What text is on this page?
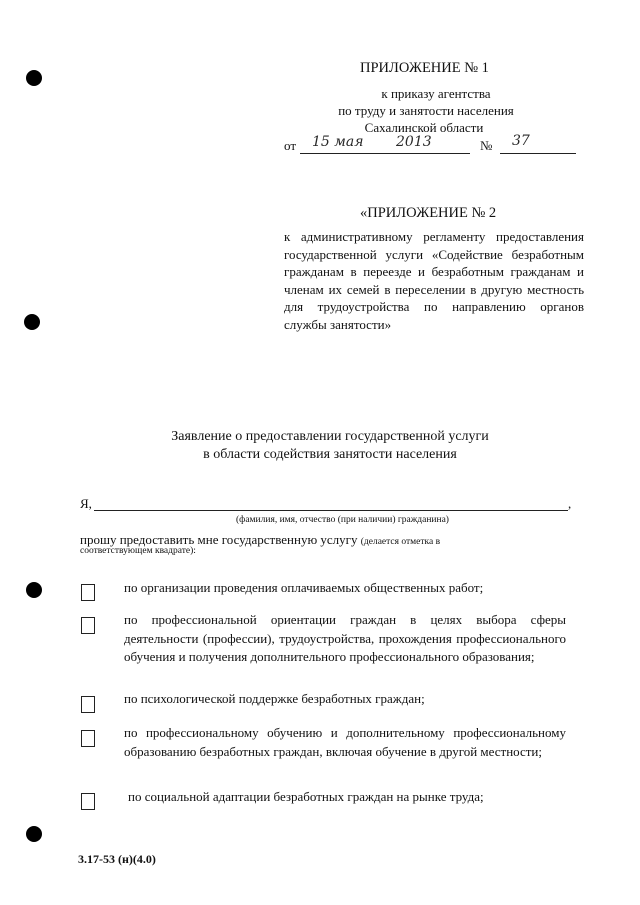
ПРИЛОЖЕНИЕ № 1
к приказу агентства
по труду и занятости населения
Сахалинской области
от 15 мая 2013	№ 37
«ПРИЛОЖЕНИЕ № 2
к административному регламенту предоставления государственной услуги «Содействие безработным гражданам в переезде и безработным гражданам и членам их семей в переселении в другую местность для трудоустройства по направлению органов службы занятости»
Заявление о предоставлении государственной услуги
в области содействия занятости населения
Я,	,
(фамилия, имя, отчество (при наличии) гражданина)
прошу предоставить мне государственную услугу (делается отметка в
соответствующем квадрате):
по организации проведения оплачиваемых общественных работ;
по профессиональной ориентации граждан в целях выбора сферы деятельности (профессии), трудоустройства, прохождения профессионального обучения и получения дополнительного профессионального образования;
по психологической поддержке безработных граждан;
по профессиональному обучению и дополнительному профессиональному образованию безработных граждан, включая обучение в другой местности;
по социальной адаптации безработных граждан на рынке труда;
3.17-53 (н)(4.0)
